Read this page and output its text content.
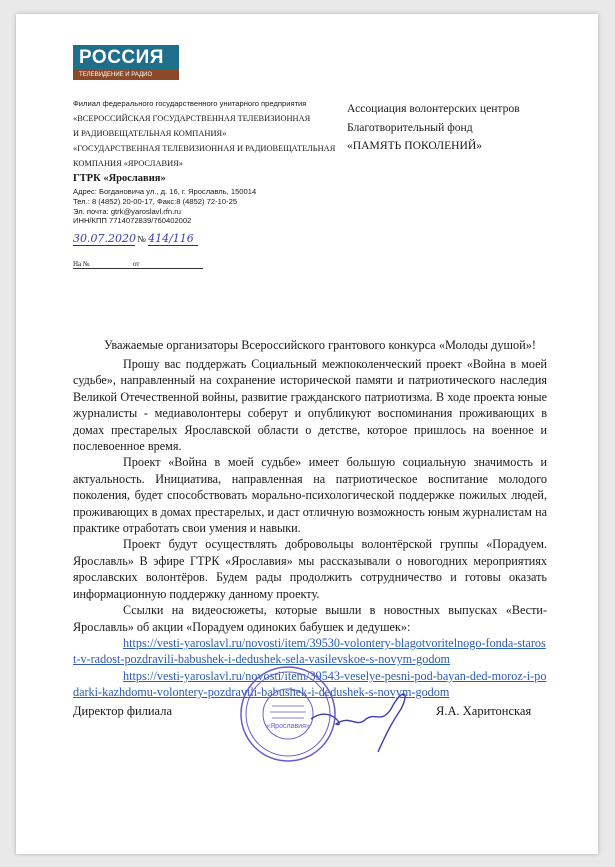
РОССИЯ
ТЕЛЕВИДЕНИЕ И РАДИО
Филиал федерального государственного унитарного предприятия
«ВСЕРОССИЙСКАЯ ГОСУДАРСТВЕННАЯ ТЕЛЕВИЗИОННАЯ
И РАДИОВЕЩАТЕЛЬНАЯ КОМПАНИЯ»
«ГОСУДАРСТВЕННАЯ ТЕЛЕВИЗИОННАЯ И РАДИОВЕЩАТЕЛЬНАЯ
КОМПАНИЯ «ЯРОСЛАВИЯ»
ГТРК «Ярославия»
Адрес: Богдановича ул., д. 16, г. Ярославль, 150014
Тел.: 8 (4852) 20-00-17, Факс:8 (4852) 72-10-25
Эл. почта: gtrk@yaroslavl.rfn.ru
ИНН/КПП 7714072839/760402002
30.07.2020 № 414/116
На №	от
Ассоциация волонтерских центров
Благотворительный фонд
«ПАМЯТЬ ПОКОЛЕНИЙ»
Уважаемые организаторы Всероссийского грантового конкурса «Молоды душой»!

Прошу вас поддержать Социальный межпоколенческий проект «Война в моей судьбе», направленный на сохранение исторической памяти и патриотического наследия Великой Отечественной войны, развитие гражданского патриотизма. В ходе проекта юные журналисты - медиаволонтеры соберут и опубликуют воспоминания проживающих в домах престарелых Ярославской области о детстве, которое пришлось на военное и послевоенное время.

Проект «Война в моей судьбе» имеет большую социальную значимость и актуальность. Инициатива, направленная на патриотическое воспитание молодого поколения, будет способствовать морально-психологической поддержке пожилых людей, проживающих в домах престарелых, и даст отличную возможность юным журналистам на практике отработать свои умения и навыки.

Проект будут осуществлять добровольцы волонтёрской группы «Порадуем. Ярославль» В эфире ГТРК «Ярославия» мы рассказывали о новогодних мероприятиях ярославских волонтёров. Будем рады продолжить сотрудничество и готовы оказать информационную поддержку данному проекту.

Ссылки на видеосюжеты, которые вышли в новостных выпусках «Вести-Ярославль» об акции «Порадуем одиноких бабушек и дедушек»:

https://vesti-yaroslavl.ru/novosti/item/39530-volontery-blagotvoritelnogo-fonda-starost-v-radost-pozdravili-babushek-i-dedushek-sela-vasilevskoe-s-novym-godom
https://vesti-yaroslavl.ru/novosti/item/39543-veselye-pesni-pod-bayan-ded-moroz-i-podarki-kazhdomu-volontery-pozdravili-babushek-i-dedushek-s-novym-godom
Директор филиала
«Ярославия»
Я.А. Харитонская
